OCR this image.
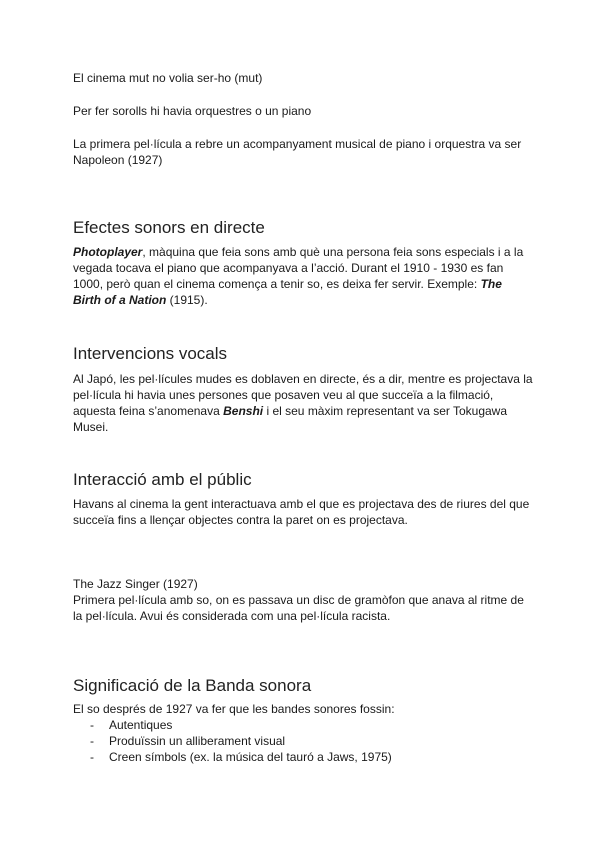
El cinema mut no volia ser-ho (mut)
Per fer sorolls hi havia orquestres o un piano
La primera pel·lícula a rebre un acompanyament musical de piano i orquestra va ser Napoleon (1927)
Efectes sonors en directe
Photoplayer, màquina que feia sons amb què una persona feia sons especials i a la vegada tocava el piano que acompanyava a l’acció. Durant el 1910 - 1930 es fan 1000, però quan el cinema comença a tenir so, es deixa fer servir. Exemple: The Birth of a Nation (1915).
Intervencions vocals
Al Japó, les pel·lícules mudes es doblaven en directe, és a dir, mentre es projectava la pel·lícula hi havia unes persones que posaven veu al que succeïa a la filmació, aquesta feina s’anomenava Benshi i el seu màxim representant va ser Tokugawa Musei.
Interacció amb el públic
Havans al cinema la gent interactuava amb el que es projectava des de riures del que succeïa fins a llençar objectes contra la paret on es projectava.
The Jazz Singer (1927)
Primera pel·lícula amb so, on es passava un disc de gramòfon que anava al ritme de la pel·lícula. Avui és considerada com una pel·lícula racista.
Significació de la Banda sonora
El so després de 1927 va fer que les bandes sonores fossin:
- Autentiques
- Produïssin un alliberament visual
- Creen símbols (ex. la música del tauró a Jaws, 1975)
